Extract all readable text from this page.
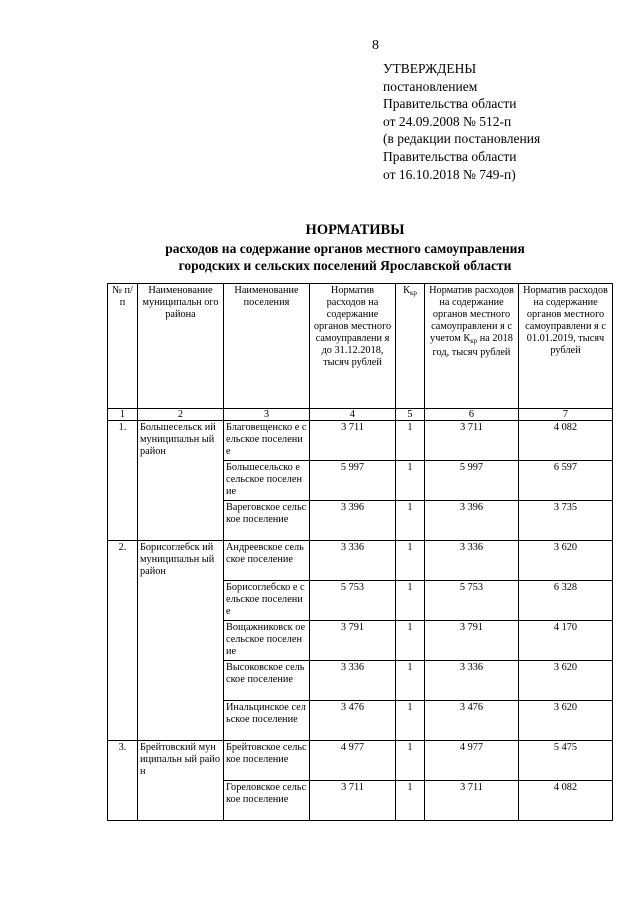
8
УТВЕРЖДЕНЫ
постановлением
Правительства области
от 24.09.2008 № 512-п
(в редакции постановления
Правительства области
от 16.10.2018 № 749-п)
НОРМАТИВЫ
расходов на содержание органов местного самоуправления
городских и сельских поселений Ярославской области
№ п/п	Наименование муниципальн ого района	Наименование поселения	Норматив расходов на содержание органов местного самоуправлени я до 31.12.2018, тысяч рублей	$К_{кр}$	Норматив расходов на содержание органов местного самоуправлени я с учетом $К_{кр}$ на 2018 год, тысяч рублей	Норматив расходов на содержание органов местного самоуправлени я с 01.01.2019, тысяч рублей
1	2	3	4	5	6	7
1.	Большесельск ий муниципальн ый район	Благовещенско е сельское поселение	3 711	1	3 711	4 082
		Большесельско е сельское поселение	5 997	1	5 997	6 597
		Вареговское сельское поселение	3 396	1	3 396	3 735
2.	Борисоглебск ий муниципальн ый район	Андреевское сельское поселение	3 336	1	3 336	3 620
		Борисоглебско е сельское поселение	5 753	1	5 753	6 328
		Вощажниковск ое сельское поселение	3 791	1	3 791	4 170
		Высоковское сельское поселение	3 336	1	3 336	3 620
		Инальцинское сельское поселение	3 476	1	3 476	3 620
3.	Брейтовский муниципальн ый район	Брейтовское сельское поселение	4 977	1	4 977	5 475
		Гореловское сельское поселение	3 711	1	3 711	4 082
